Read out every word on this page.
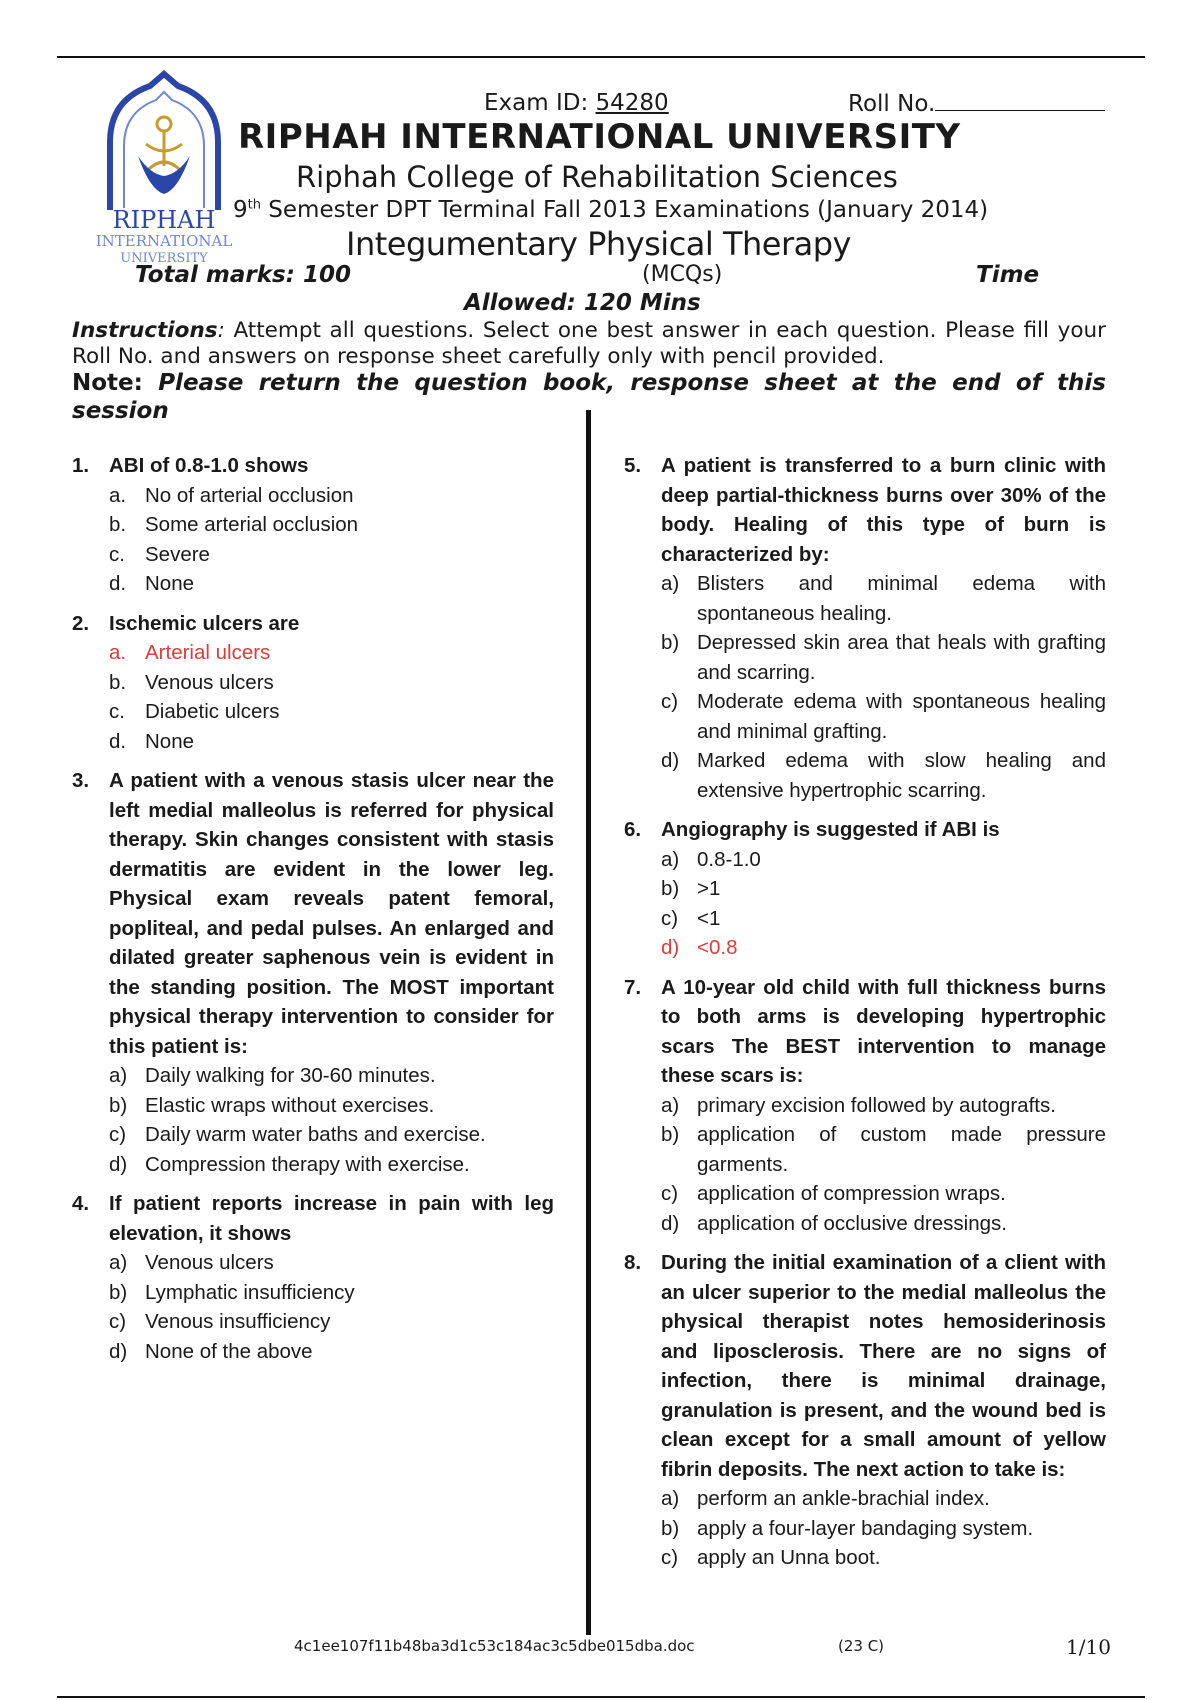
RIPHAH
INTERNATIONAL
UNIVERSITY
Exam ID: 54280	Roll No.
RIPHAH INTERNATIONAL UNIVERSITY
Riphah College of Rehabilitation Sciences
9th Semester DPT Terminal Fall 2013 Examinations (January 2014)
Integumentary Physical Therapy
Total marks: 100	(MCQs)	Time
Allowed: 120 Mins
Instructions: Attempt all questions. Select one best answer in each question. Please fill your Roll No. and answers on response sheet carefully only with pencil provided.
Note: Please return the question book, response sheet at the end of this session
1. ABI of 0.8-1.0 shows
a. No of arterial occlusion
b. Some arterial occlusion
c. Severe
d. None
2. Ischemic ulcers are
a. Arterial ulcers
b. Venous ulcers
c. Diabetic ulcers
d. None
3. A patient with a venous stasis ulcer near the left medial malleolus is referred for physical therapy. Skin changes consistent with stasis dermatitis are evident in the lower leg. Physical exam reveals patent femoral, popliteal, and pedal pulses. An enlarged and dilated greater saphenous vein is evident in the standing position. The MOST important physical therapy intervention to consider for this patient is:
a) Daily walking for 30-60 minutes.
b) Elastic wraps without exercises.
c) Daily warm water baths and exercise.
d) Compression therapy with exercise.
4. If patient reports increase in pain with leg elevation, it shows
a) Venous ulcers
b) Lymphatic insufficiency
c) Venous insufficiency
d) None of the above
5. A patient is transferred to a burn clinic with deep partial-thickness burns over 30% of the body. Healing of this type of burn is characterized by:
a) Blisters and minimal edema with spontaneous healing.
b) Depressed skin area that heals with grafting and scarring.
c) Moderate edema with spontaneous healing and minimal grafting.
d) Marked edema with slow healing and extensive hypertrophic scarring.
6. Angiography is suggested if ABI is
a) 0.8-1.0
b) >1
c) <1
d) <0.8
7. A 10-year old child with full thickness burns to both arms is developing hypertrophic scars The BEST intervention to manage these scars is:
a) primary excision followed by autografts.
b) application of custom made pressure garments.
c) application of compression wraps.
d) application of occlusive dressings.
8. During the initial examination of a client with an ulcer superior to the medial malleolus the physical therapist notes hemosiderinosis and liposclerosis. There are no signs of infection, there is minimal drainage, granulation is present, and the wound bed is clean except for a small amount of yellow fibrin deposits. The next action to take is:
a) perform an ankle-brachial index.
b) apply a four-layer bandaging system.
c) apply an Unna boot.
4c1ee107f11b48ba3d1c53c184ac3c5dbe015dba.doc	(23 C)	1/10
